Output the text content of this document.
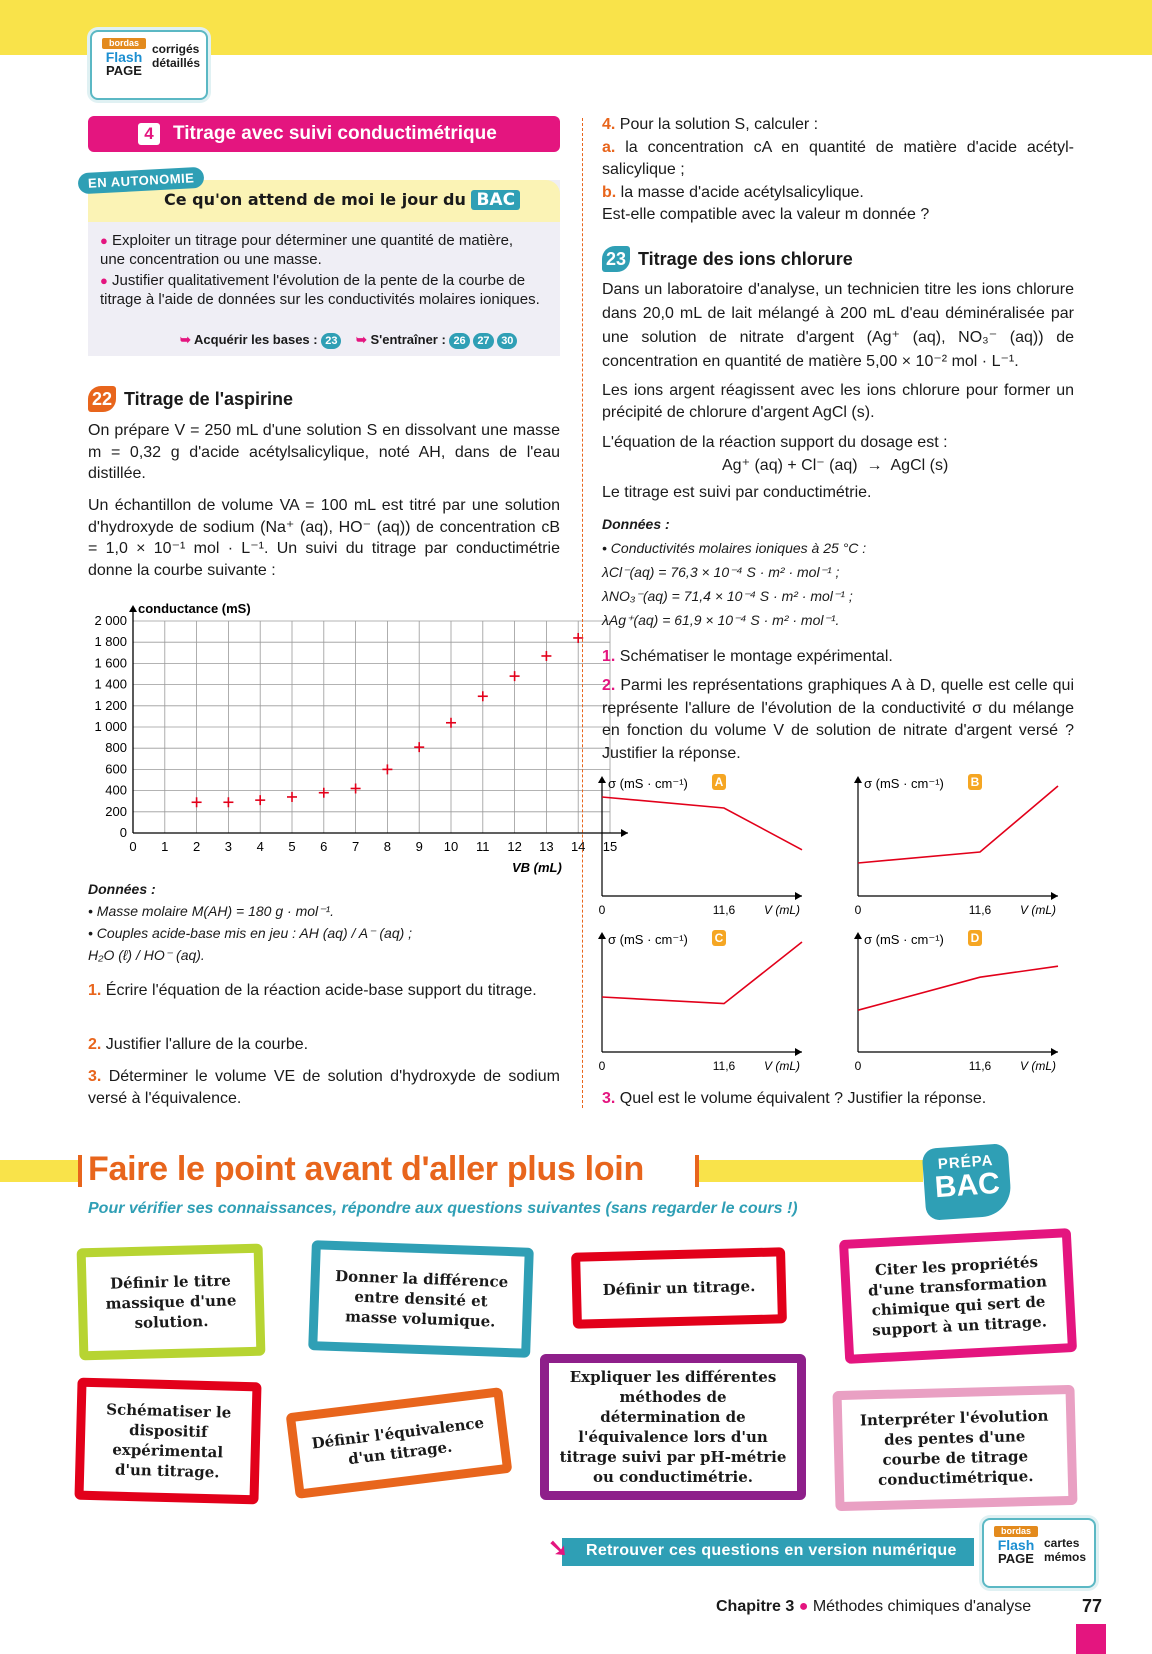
bordas
Flash
PAGE
corrigés
détaillés
4	Titrage avec suivi conductimétrique
EN AUTONOMIE
Ce qu'on attend de moi le jour du BAC
● Exploiter un titrage pour déterminer une quantité de matière, une concentration ou une masse.
● Justifier qualitativement l'évolution de la pente de la courbe de titrage à l'aide de données sur les conductivités molaires ioniques.
➥ Acquérir les bases : 23 ➥ S'entraîner : 26 27 30
22 Titrage de l'aspirine
On prépare V = 250 mL d'une solution S en dissolvant une masse m = 0,32 g d'acide acétylsalicylique, noté AH, dans de l'eau distillée.
Un échantillon de volume VA = 100 mL est titré par une solution d'hydroxyde de sodium (Na⁺ (aq), HO⁻ (aq)) de concentration cB = 1,0 × 10⁻¹ mol · L⁻¹. Un suivi du titrage par conductimétrie donne la courbe suivante :
0 1 2 3 4 5 6 7 8 9 10 11 12 13 14 15
0
200
400
600
800
1 000
1 200
1 400
1 600
1 800
2 000
conductance (mS)
VB (mL)
Données :
• Masse molaire M(AH) = 180 g · mol⁻¹.
• Couples acide-base mis en jeu : AH (aq) / A⁻ (aq) ;
H₂O (ℓ) / HO⁻ (aq).
1. Écrire l'équation de la réaction acide-base support du titrage.
2. Justifier l'allure de la courbe.
3. Déterminer le volume VE de solution d'hydroxyde de sodium versé à l'équivalence.
4. Pour la solution S, calculer :
a. la concentration cA en quantité de matière d'acide acétylsalicylique ;
b. la masse d'acide acétylsalicylique.
Est-elle compatible avec la valeur m donnée ?
23 Titrage des ions chlorure
Dans un laboratoire d'analyse, un technicien titre les ions chlorure dans 20,0 mL de lait mélangé à 200 mL d'eau déminéralisée par une solution de nitrate d'argent (Ag⁺ (aq), NO₃⁻ (aq)) de concentration en quantité de matière 5,00 × 10⁻² mol · L⁻¹.
Les ions argent réagissent avec les ions chlorure pour former un précipité de chlorure d'argent AgCl (s).
L'équation de la réaction support du dosage est :
Ag⁺ (aq) + Cl⁻ (aq)  →  AgCl (s)
Le titrage est suivi par conductimétrie.
Données :
• Conductivités molaires ioniques à 25 °C :
λCl⁻(aq) = 76,3 × 10⁻⁴ S · m² · mol⁻¹ ;
λNO₃⁻(aq) = 71,4 × 10⁻⁴ S · m² · mol⁻¹ ;
λAg⁺(aq) = 61,9 × 10⁻⁴ S · m² · mol⁻¹.
1. Schématiser le montage expérimental.
2. Parmi les représentations graphiques A à D, quelle est celle qui représente l'allure de l'évolution de la conductivité σ du mélange en fonction du volume V de solution de nitrate d'argent versé ? Justifier la réponse.
σ (mS · cm⁻¹) A
0	11,6 V (mL)
σ (mS · cm⁻¹) B
0	11,6 V (mL)
σ (mS · cm⁻¹) C
0	11,6 V (mL)
σ (mS · cm⁻¹) D
0	11,6 V (mL)
3. Quel est le volume équivalent ? Justifier la réponse.
Faire le point avant d'aller plus loin
Pour vérifier ses connaissances, répondre aux questions suivantes (sans regarder le cours !)
PRÉPA
BAC
Définir le titre massique d'une solution.
Donner la différence entre densité et masse volumique.
Définir un titrage.
Citer les propriétés d'une transformation chimique qui sert de support à un titrage.
Schématiser le dispositif expérimental d'un titrage.
Définir l'équivalence d'un titrage.
Expliquer les différentes méthodes de détermination de l'équivalence lors d'un titrage suivi par pH-métrie ou conductimétrie.
Interpréter l'évolution des pentes d'une courbe de titrage conductimétrique.
➘ Retrouver ces questions en version numérique
bordas
Flash
PAGE
cartes
mémos
Chapitre 3 ● Méthodes chimiques d'analyse	77
